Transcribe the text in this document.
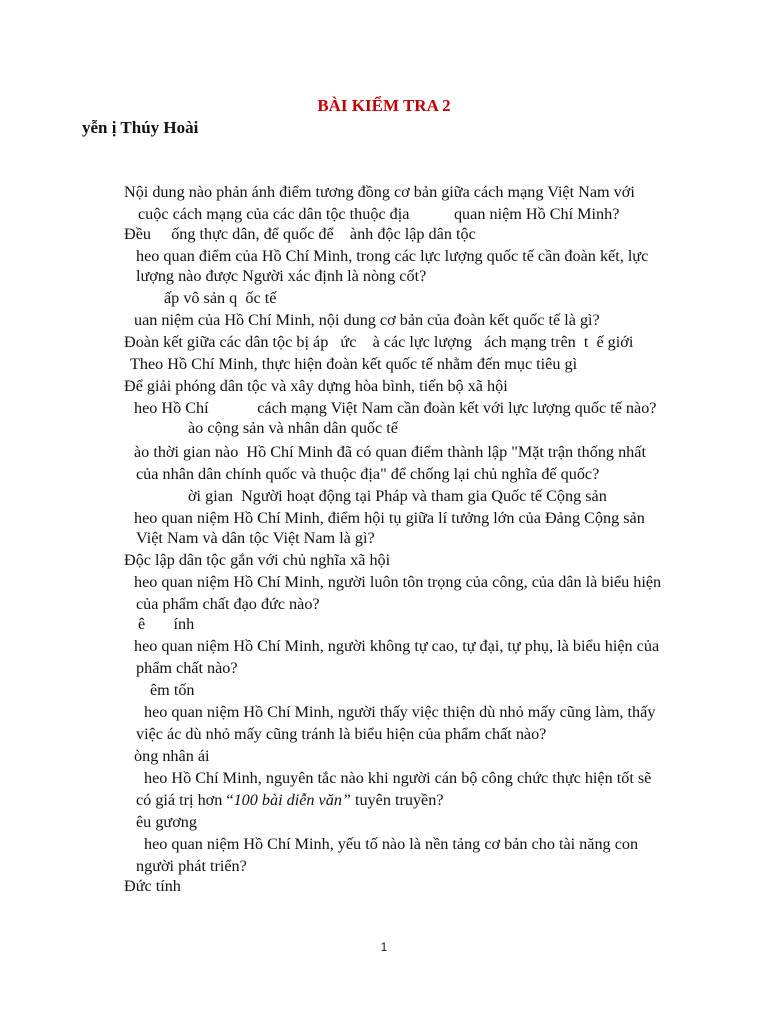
BÀI KIỂM TRA 2
yễn ị Thúy Hoài
Nội dung nào phản ánh điểm tương đồng cơ bản giữa cách mạng Việt Nam với
cuộc cách mạng của các dân tộc thuộc địa           quan niệm Hồ Chí Minh?
Đều     ống thực dân, để quốc để    ành độc lập dân tộc
heo quan điểm của Hồ Chí Minh, trong các lực lượng quốc tế cần đoàn kết, lực
lượng nào được Người xác định là nòng cốt?
ấp vô sản q  ốc tế
uan niệm của Hồ Chí Minh, nội dung cơ bản của đoàn kết quốc tế là gì?
Đoàn kết giữa các dân tộc bị áp   ức    à các lực lượng   ách mạng trên  t  ế giới
Theo Hồ Chí Minh, thực hiện đoàn kết quốc tế nhằm đến mục tiêu gì
Để giải phóng dân tộc và xây dựng hòa bình, tiến bộ xã hội
heo Hồ Chí            cách mạng Việt Nam cần đoàn kết với lực lượng quốc tế nào?
ào cộng sản và nhân dân quốc tế
ào thời gian nào  Hồ Chí Minh đã có quan điểm thành lập "Mặt trận thống nhất
của nhân dân chính quốc và thuộc địa" để chống lại chủ nghĩa đế quốc?
ời gian  Người hoạt động tại Pháp và tham gia Quốc tế Cộng sản
heo quan niệm Hồ Chí Minh, điểm hội tụ giữa lí tưởng lớn của Đảng Cộng sản
Việt Nam và dân tộc Việt Nam là gì?
Độc lập dân tộc gắn với chủ nghĩa xã hội
heo quan niệm Hồ Chí Minh, người luôn tôn trọng của công, của dân là biểu hiện
của phẩm chất đạo đức nào?
ê       ính
heo quan niệm Hồ Chí Minh, người không tự cao, tự đại, tự phụ, là biểu hiện của
phẩm chất nào?
êm tốn
heo quan niệm Hồ Chí Minh, người thấy việc thiện dù nhỏ mấy cũng làm, thấy
việc ác dù nhỏ mấy cũng tránh là biểu hiện của phẩm chất nào?
òng nhân ái
heo Hồ Chí Minh, nguyên tắc nào khi người cán bộ công chức thực hiện tốt sẽ
có giá trị hơn “100 bài diễn văn” tuyên truyền?
êu gương
heo quan niệm Hồ Chí Minh, yếu tố nào là nền tảng cơ bản cho tài năng con
người phát triển?
Đức tính
1
